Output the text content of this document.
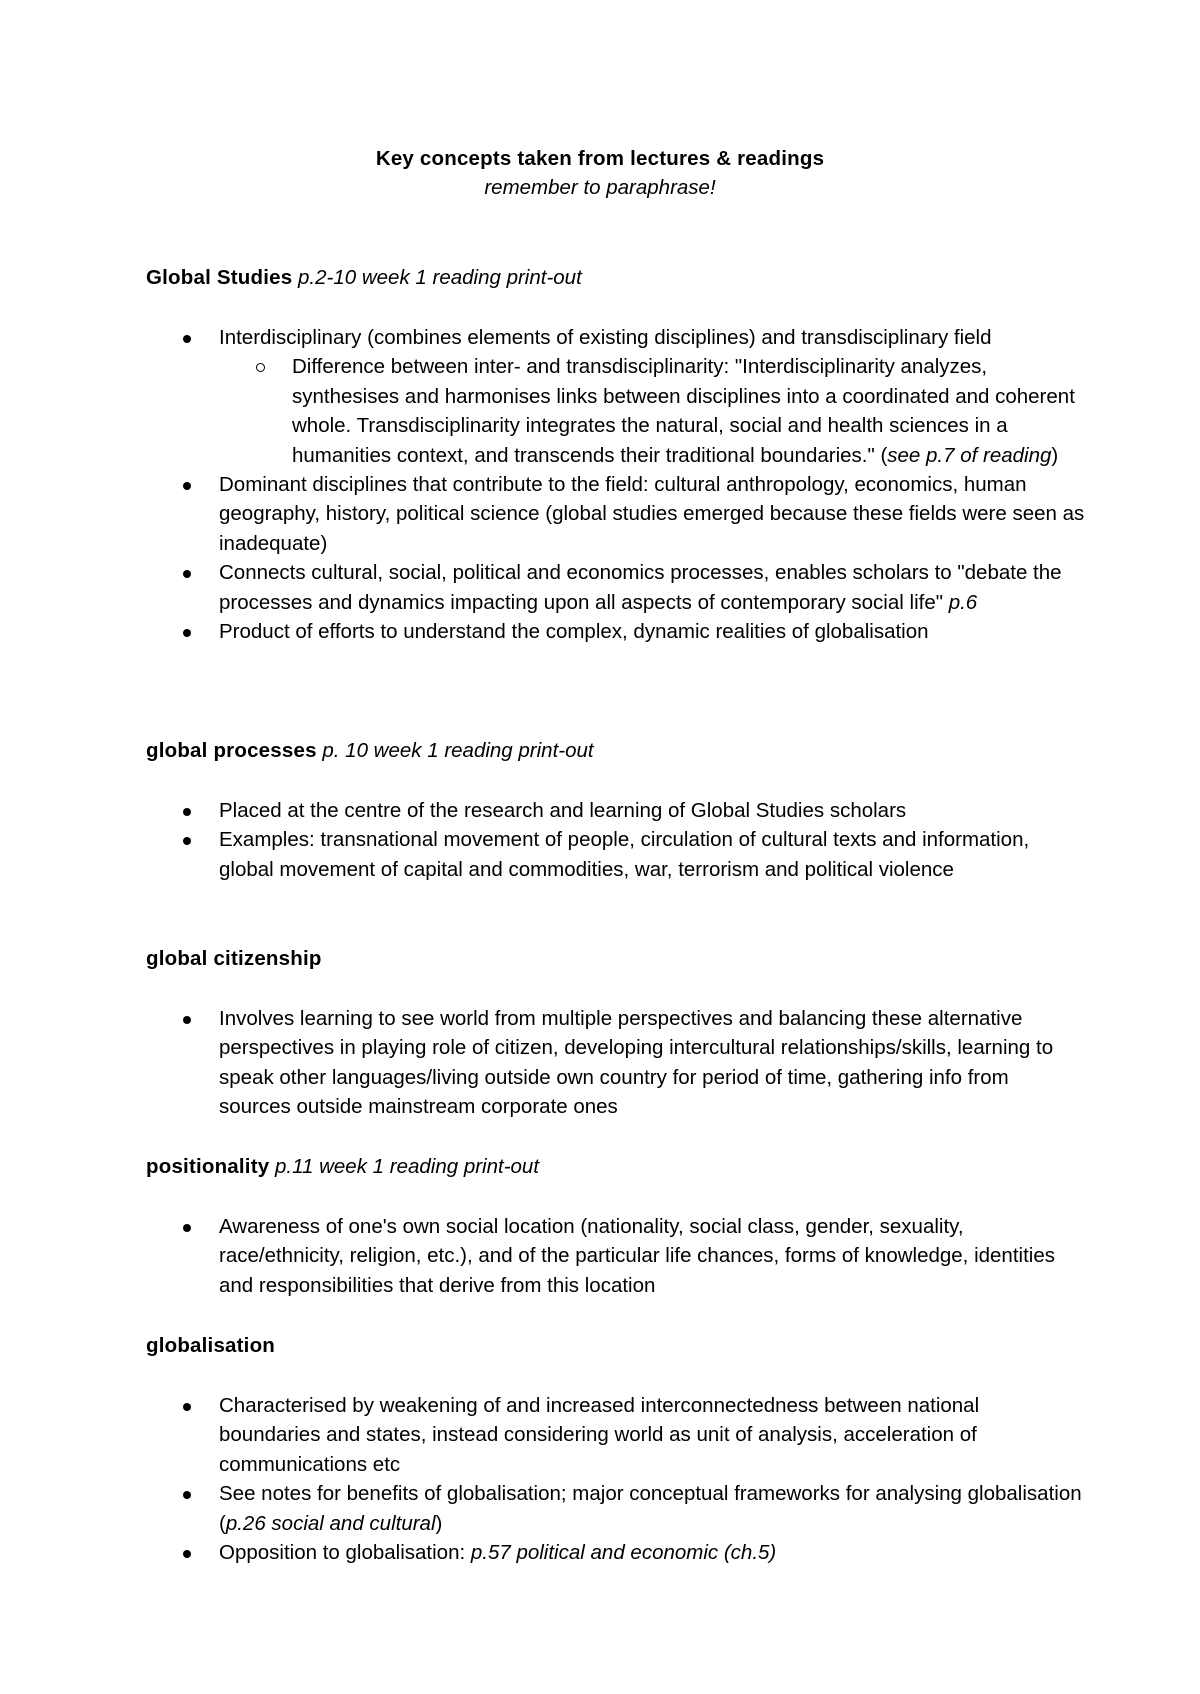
Key concepts taken from lectures & readings
remember to paraphrase!
Global Studies p.2-10 week 1 reading print-out
Interdisciplinary (combines elements of existing disciplines) and transdisciplinary field
Difference between inter- and transdisciplinarity: "Interdisciplinarity analyzes, synthesises and harmonises links between disciplines into a coordinated and coherent whole. Transdisciplinarity integrates the natural, social and health sciences in a humanities context, and transcends their traditional boundaries." (see p.7 of reading)
Dominant disciplines that contribute to the field: cultural anthropology, economics, human geography, history, political science (global studies emerged because these fields were seen as inadequate)
Connects cultural, social, political and economics processes, enables scholars to "debate the processes and dynamics impacting upon all aspects of contemporary social life" p.6
Product of efforts to understand the complex, dynamic realities of globalisation
global processes p. 10 week 1 reading print-out
Placed at the centre of the research and learning of Global Studies scholars
Examples: transnational movement of people, circulation of cultural texts and information, global movement of capital and commodities, war, terrorism and political violence
global citizenship
Involves learning to see world from multiple perspectives and balancing these alternative perspectives in playing role of citizen, developing intercultural relationships/skills, learning to speak other languages/living outside own country for period of time, gathering info from sources outside mainstream corporate ones
positionality p.11 week 1 reading print-out
Awareness of one's own social location (nationality, social class, gender, sexuality, race/ethnicity, religion, etc.), and of the particular life chances, forms of knowledge, identities and responsibilities that derive from this location
globalisation
Characterised by weakening of and increased interconnectedness between national boundaries and states, instead considering world as unit of analysis, acceleration of communications etc
See notes for benefits of globalisation; major conceptual frameworks for analysing globalisation (p.26 social and cultural)
Opposition to globalisation: p.57 political and economic (ch.5)
